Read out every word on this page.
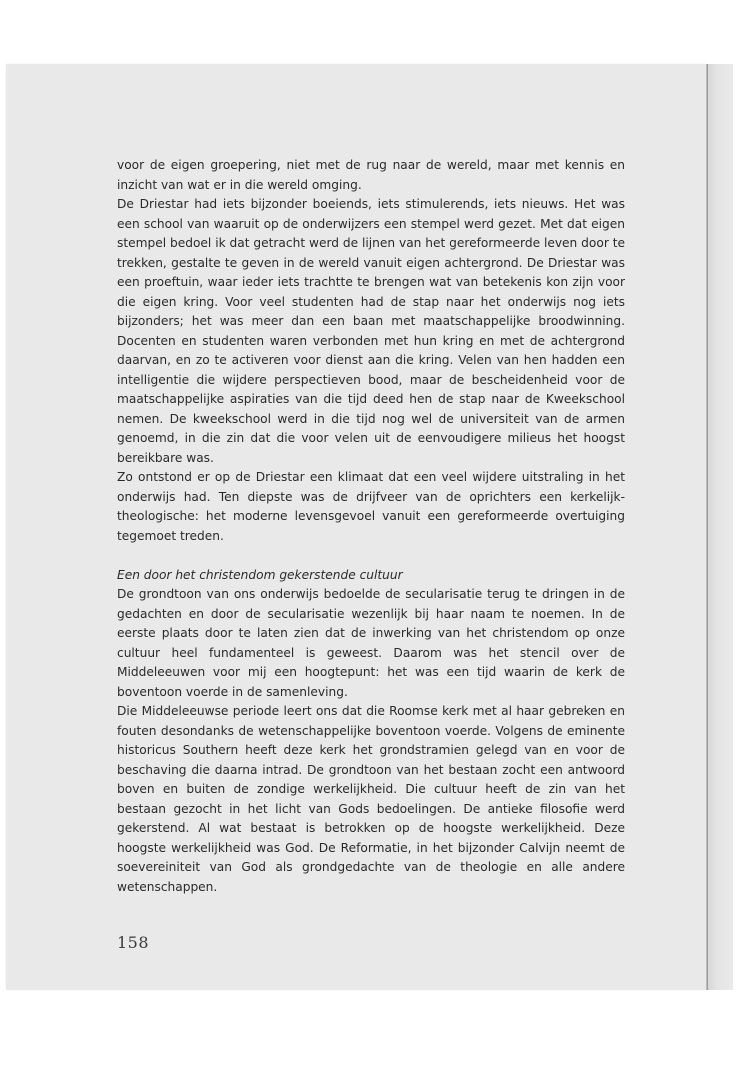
voor de eigen groepering, niet met de rug naar de wereld, maar met kennis en inzicht van wat er in die wereld omging.

De Driestar had iets bijzonder boeiends, iets stimulerends, iets nieuws. Het was een school van waaruit op de onderwijzers een stempel werd gezet. Met dat eigen stempel bedoel ik dat getracht werd de lijnen van het gereformeerde leven door te trekken, gestalte te geven in de wereld vanuit eigen achtergrond. De Driestar was een proeftuin, waar ieder iets trachtte te brengen wat van betekenis kon zijn voor die eigen kring. Voor veel studenten had de stap naar het onderwijs nog iets bijzonders; het was meer dan een baan met maatschappelijke broodwinning. Docenten en studenten waren verbonden met hun kring en met de achtergrond daarvan, en zo te activeren voor dienst aan die kring. Velen van hen hadden een intelligentie die wijdere perspectieven bood, maar de bescheidenheid voor de maatschappelijke aspiraties van die tijd deed hen de stap naar de Kweekschool nemen. De kweekschool werd in die tijd nog wel de universiteit van de armen genoemd, in die zin dat die voor velen uit de eenvoudigere milieus het hoogst bereikbare was.

Zo ontstond er op de Driestar een klimaat dat een veel wijdere uitstraling in het onderwijs had. Ten diepste was de drijfveer van de oprichters een kerkelijk-theologische: het moderne levensgevoel vanuit een gereformeerde overtuiging tegemoet treden.

Een door het christendom gekerstende cultuur

De grondtoon van ons onderwijs bedoelde de secularisatie terug te dringen in de gedachten en door de secularisatie wezenlijk bij haar naam te noemen. In de eerste plaats door te laten zien dat de inwerking van het christendom op onze cultuur heel fundamenteel is geweest. Daarom was het stencil over de Middeleeuwen voor mij een hoogtepunt: het was een tijd waarin de kerk de boventoon voerde in de samenleving.

Die Middeleeuwse periode leert ons dat die Roomse kerk met al haar gebreken en fouten desondanks de wetenschappelijke boventoon voerde. Volgens de eminente historicus Southern heeft deze kerk het grondstramien gelegd van en voor de beschaving die daarna intrad. De grondtoon van het bestaan zocht een antwoord boven en buiten de zondige werkelijkheid. Die cultuur heeft de zin van het bestaan gezocht in het licht van Gods bedoelingen. De antieke filosofie werd gekerstend. Al wat bestaat is betrokken op de hoogste werkelijkheid. Deze hoogste werkelijkheid was God. De Reformatie, in het bijzonder Calvijn neemt de soevereiniteit van God als grondgedachte van de theologie en alle andere wetenschappen.

158
